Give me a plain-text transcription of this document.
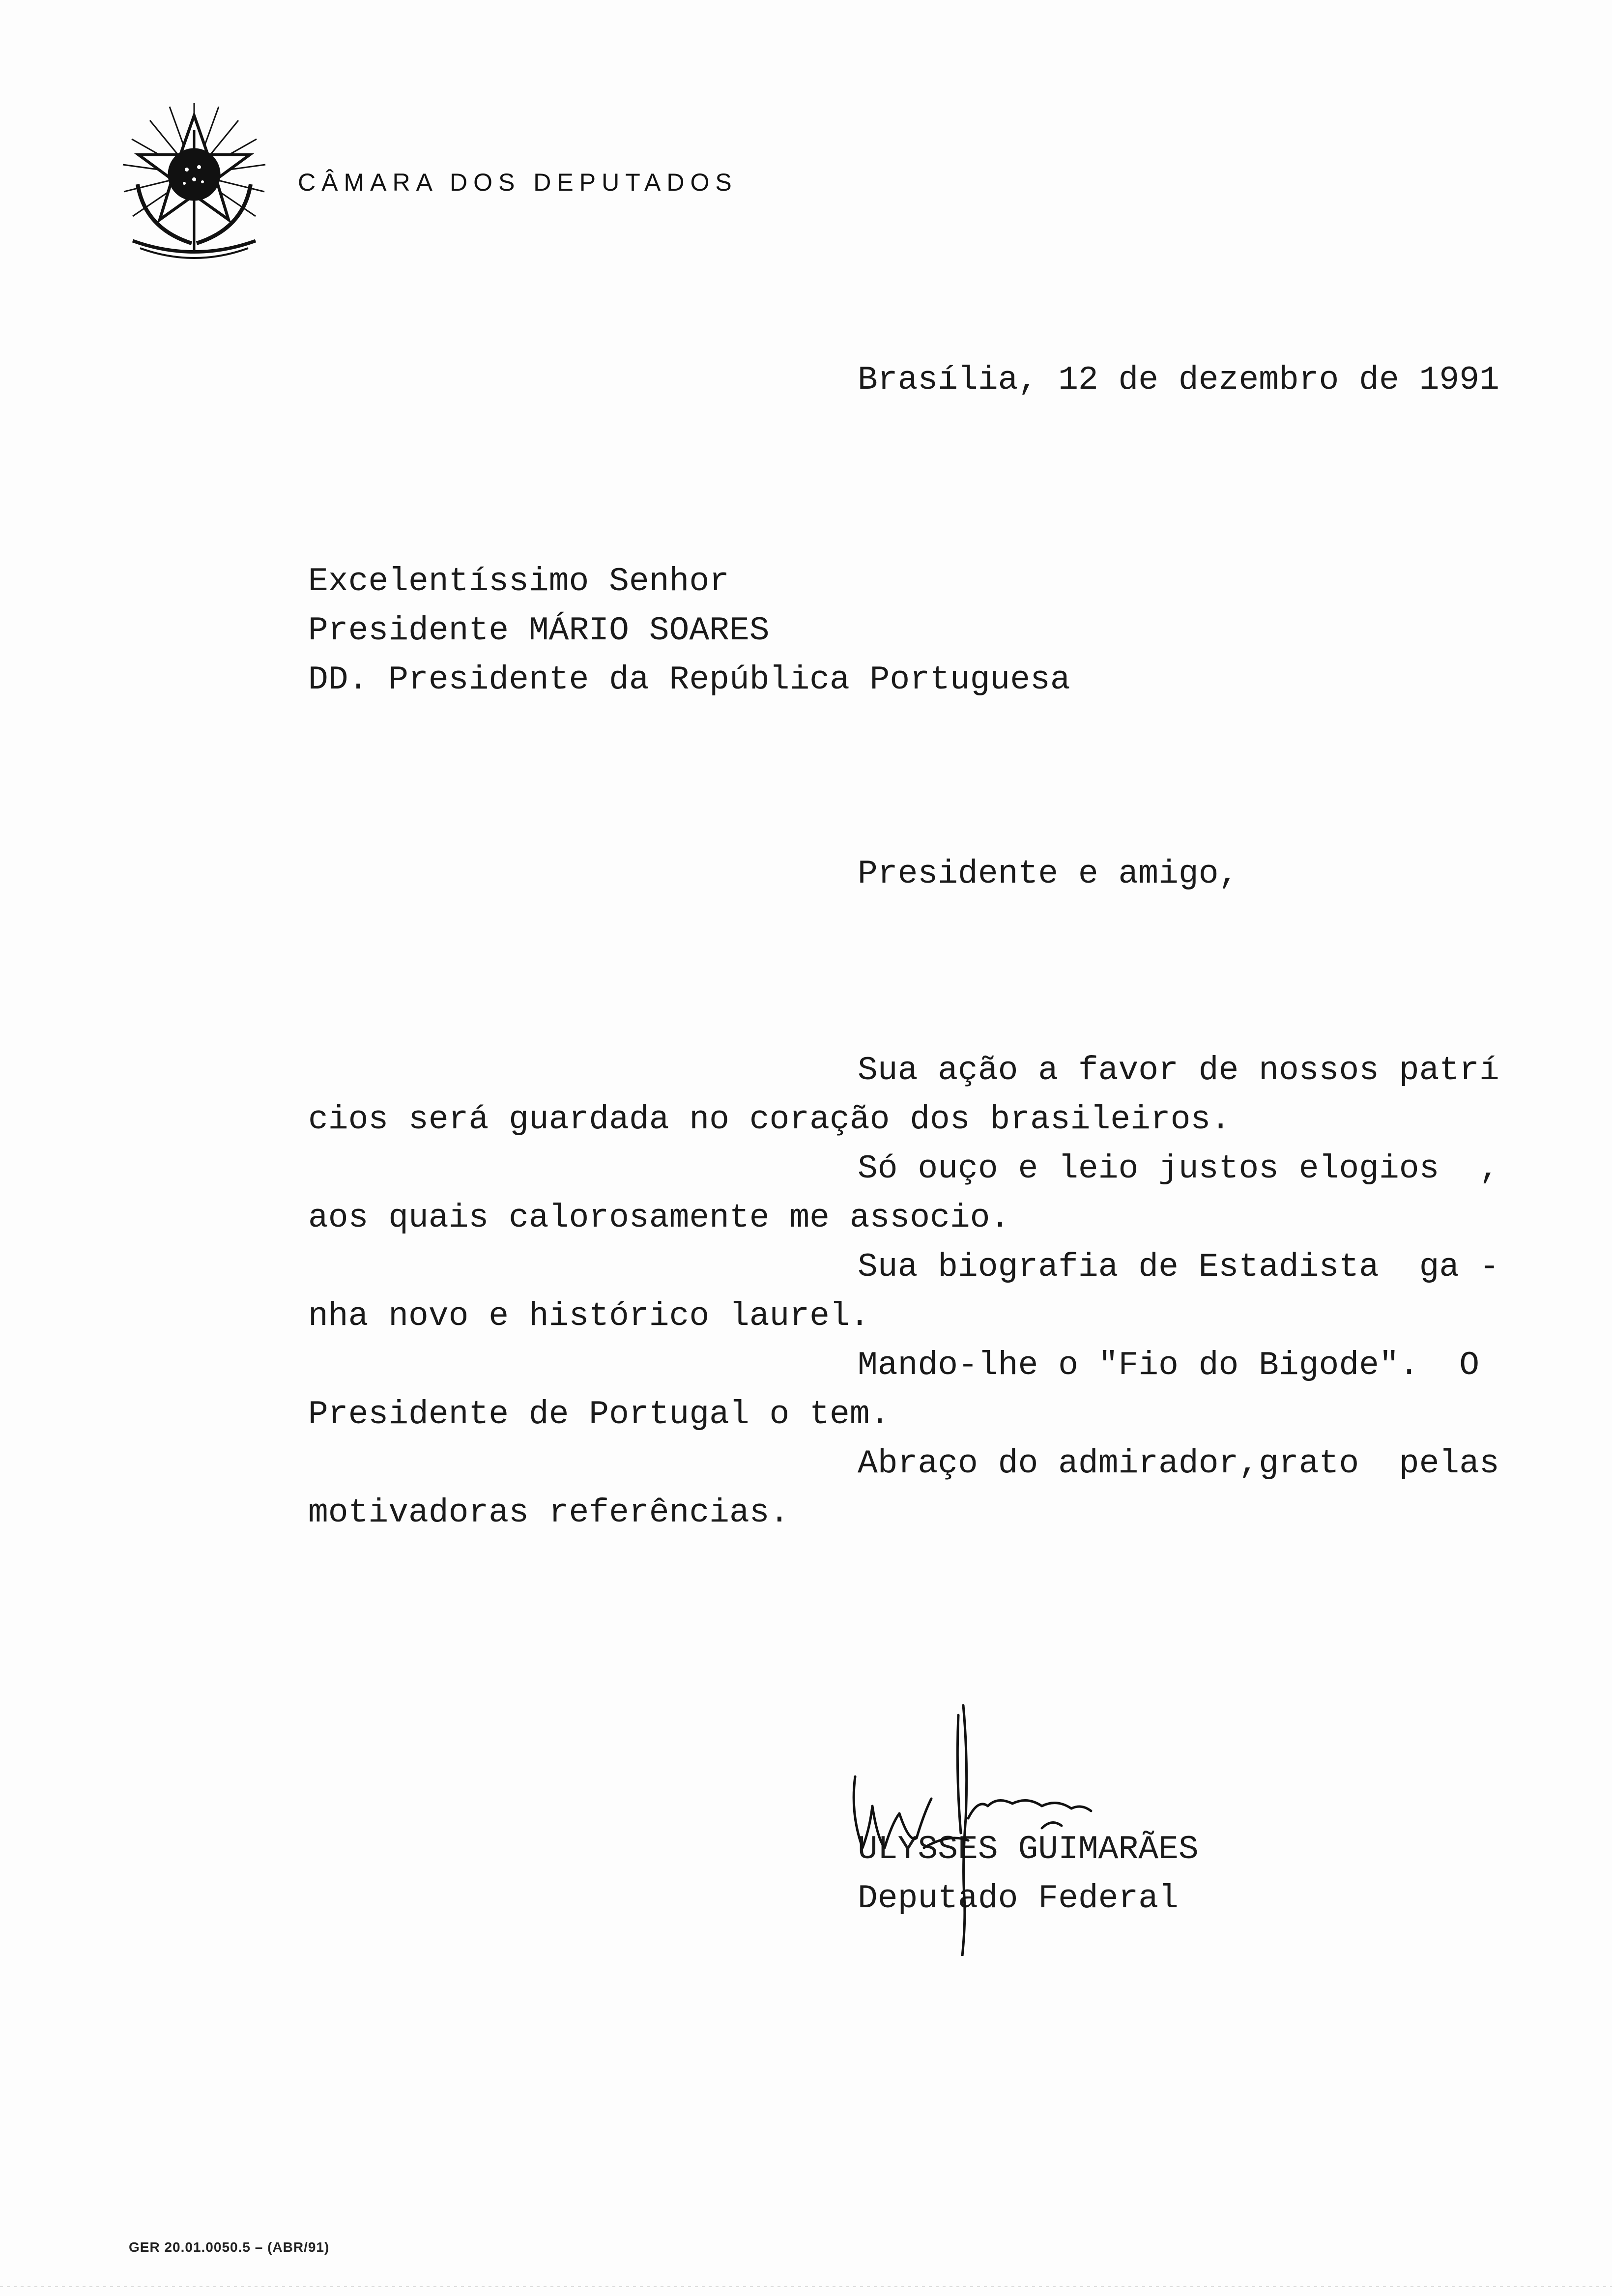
CÂMARA DOS DEPUTADOS
Brasília, 12 de dezembro de 1991
Excelentíssimo Senhor
Presidente MÁRIO SOARES
DD. Presidente da República Portuguesa
Presidente e amigo,
Sua ação a favor de nossos patrí
cios será guardada no coração dos brasileiros.
Só ouço e leio justos elogios  ,
aos quais calorosamente me associo.
Sua biografia de Estadista  ga -
nha novo e histórico laurel.
Mando-lhe o "Fio do Bigode".  O
Presidente de Portugal o tem.
Abraço do admirador,grato  pelas
motivadoras referências.
ULYSSES GUIMARÃES
Deputado Federal
GER 20.01.0050.5 – (ABR/91)
